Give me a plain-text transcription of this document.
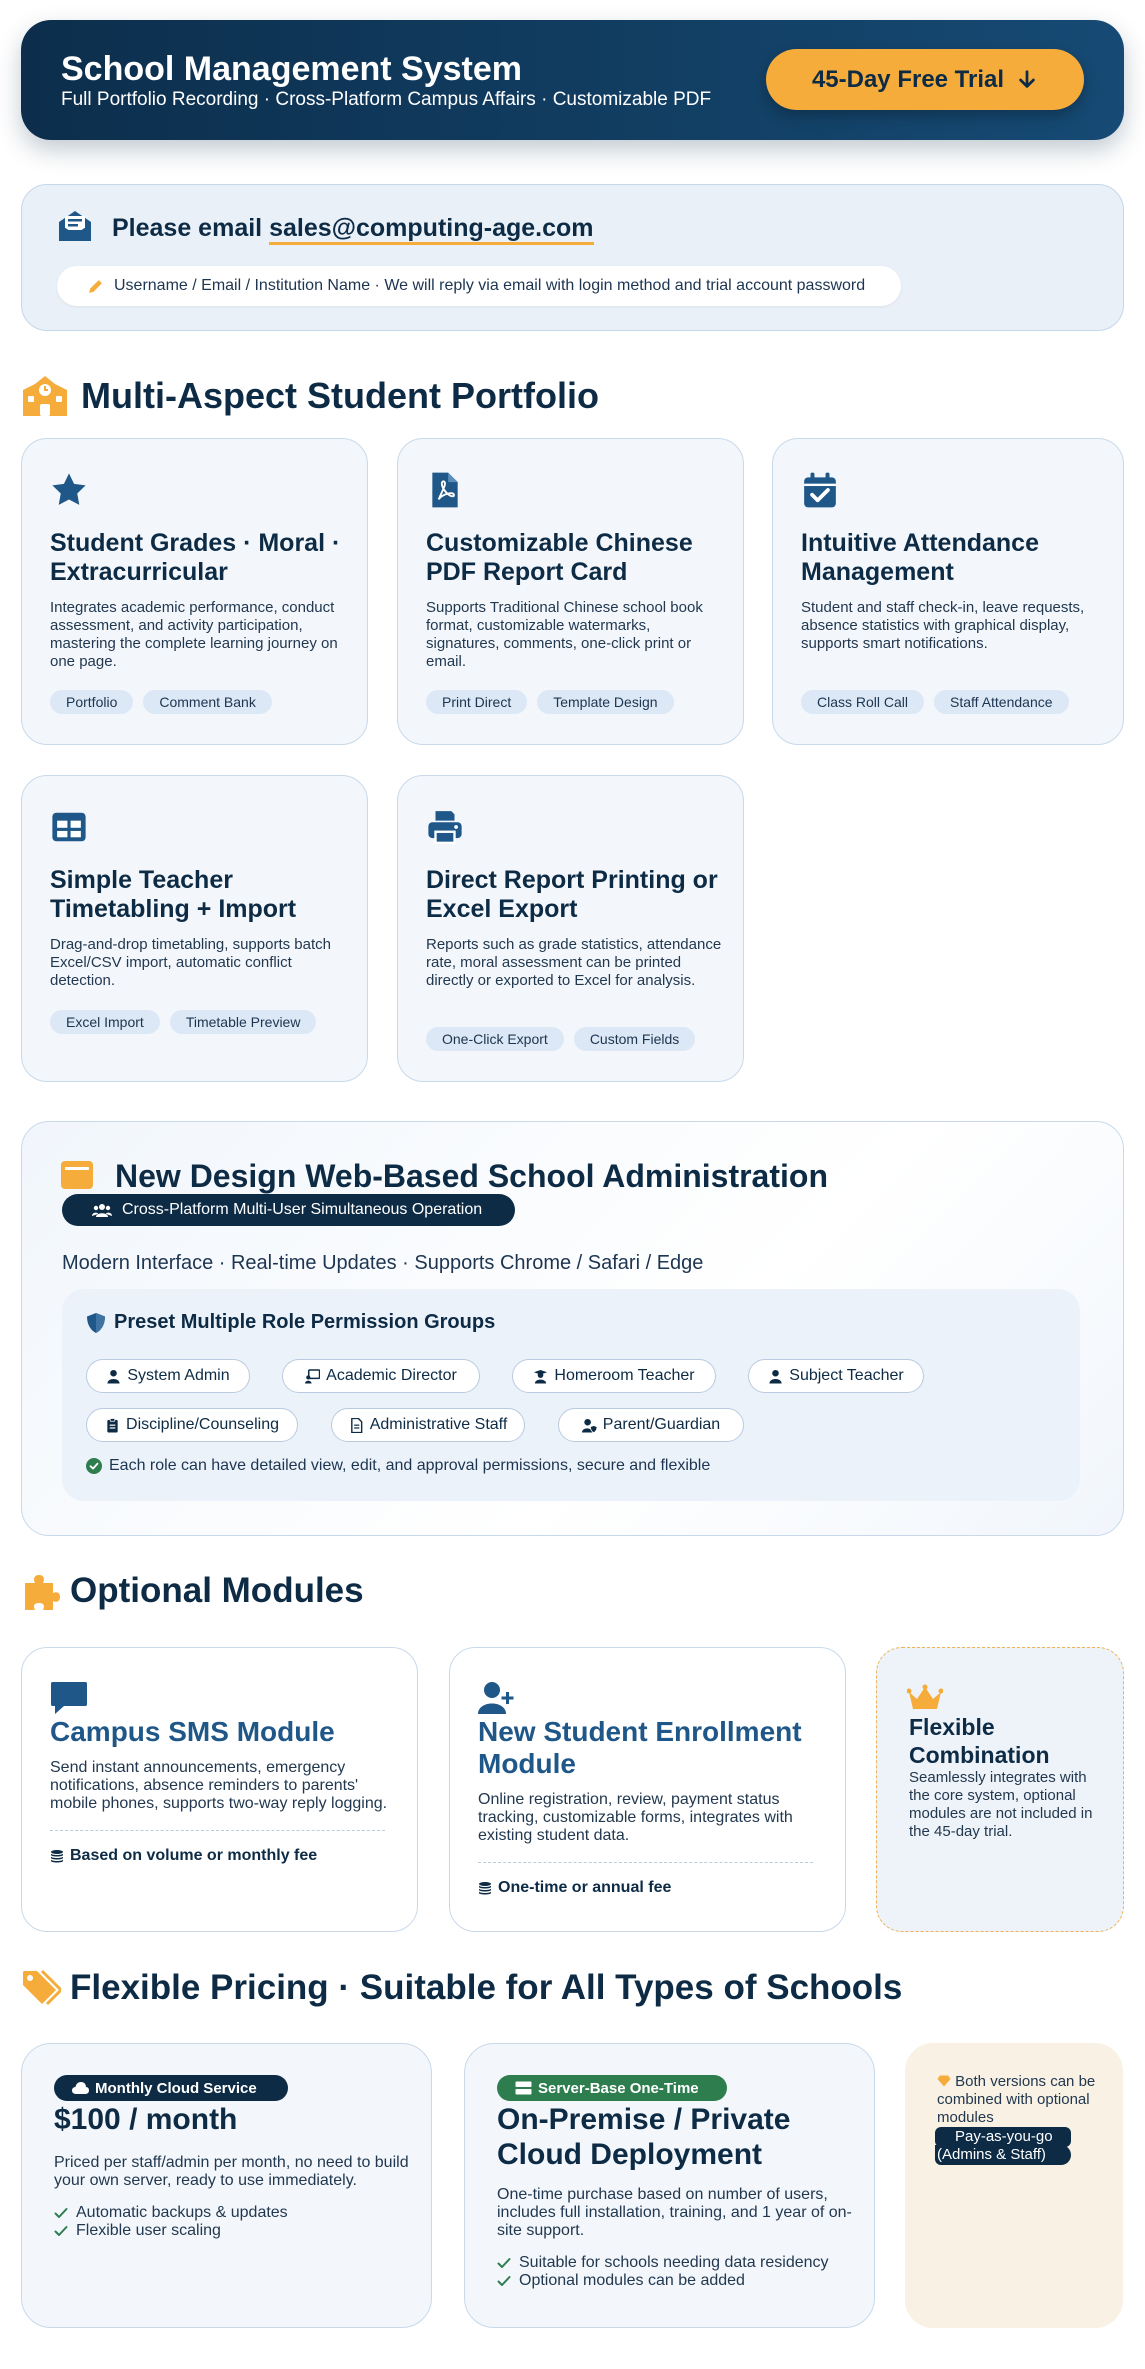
School Management System
Full Portfolio Recording · Cross-Platform Campus Affairs · Customizable PDF
45-Day Free Trial
Please email sales@computing-age.com
Username / Email / Institution Name · We will reply via email with login method and trial account password
Multi-Aspect Student Portfolio
Student Grades · Moral · Extracurricular

Integrates academic performance, conduct assessment, and activity participation, mastering the complete learning journey on one page.

Portfolio	Comment Bank
Customizable Chinese PDF Report Card

Supports Traditional Chinese school book format, customizable watermarks, signatures, comments, one-click print or email.

Print Direct	Template Design
Intuitive Attendance Management

Student and staff check-in, leave requests, absence statistics with graphical display, supports smart notifications.

Class Roll Call	Staff Attendance
Simple Teacher Timetabling + Import

Drag-and-drop timetabling, supports batch Excel/CSV import, automatic conflict detection.

Excel Import	Timetable Preview
Direct Report Printing or Excel Export

Reports such as grade statistics, attendance rate, moral assessment can be printed directly or exported to Excel for analysis.

One-Click Export	Custom Fields
New Design Web-Based School Administration
Cross-Platform Multi-User Simultaneous Operation
Modern Interface · Real-time Updates · Supports Chrome / Safari / Edge
Preset Multiple Role Permission Groups
System Admin	Academic Director	Homeroom Teacher	Subject Teacher
Discipline/Counseling	Administrative Staff	Parent/Guardian
Each role can have detailed view, edit, and approval permissions, secure and flexible
Optional Modules
Campus SMS Module

Send instant announcements, emergency notifications, absence reminders to parents' mobile phones, supports two-way reply logging.

Based on volume or monthly fee
New Student Enrollment Module

Online registration, review, payment status tracking, customizable forms, integrates with existing student data.

One-time or annual fee
Flexible Combination
Seamlessly integrates with the core system, optional modules are not included in the 45-day trial.
Flexible Pricing · Suitable for All Types of Schools
Monthly Cloud Service
$100 / month

Priced per staff/admin per month, no need to build your own server, ready to use immediately.

Automatic backups & updates
Flexible user scaling
Server-Base One-Time
On-Premise / Private Cloud Deployment

One-time purchase based on number of users, includes full installation, training, and 1 year of on-site support.

Suitable for schools needing data residency
Optional modules can be added
Both versions can be combined with optional modules
Pay-as-you-go
(Admins & Staff)
